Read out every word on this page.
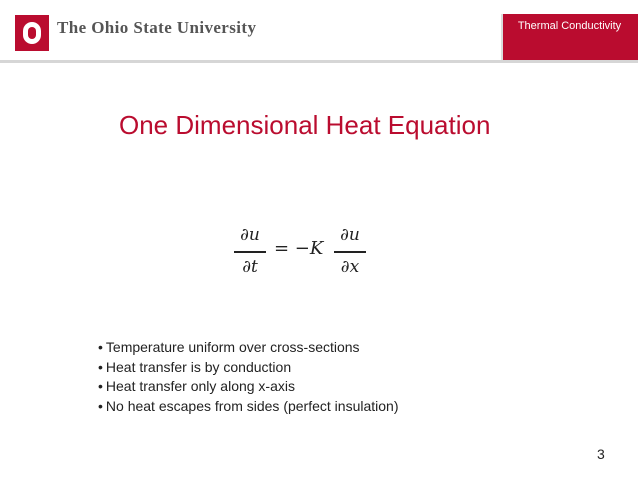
The Ohio State University	Thermal Conductivity
One Dimensional Heat Equation
∂u
∂t
= −K
∂u
∂x
• Temperature uniform over cross-sections
• Heat transfer is by conduction
• Heat transfer only along x-axis
• No heat escapes from sides (perfect insulation)
3
